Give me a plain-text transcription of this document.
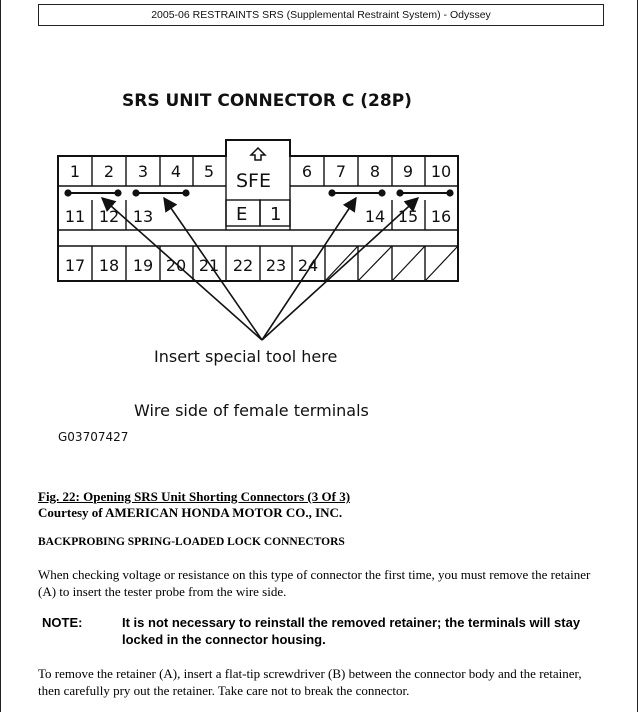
2005-06 RESTRAINTS SRS (Supplemental Restraint System) - Odyssey
SRS UNIT CONNECTOR C (28P)
1 2 3 4 5	6 7 8 9 10
11 12 13	14 15 16
17 18 19 20 21 22 23 24
SFE
E 1
Insert special tool here
Wire side of female terminals
G03707427
Fig. 22: Opening SRS Unit Shorting Connectors (3 Of 3)
Courtesy of AMERICAN HONDA MOTOR CO., INC.
BACKPROBING SPRING-LOADED LOCK CONNECTORS
When checking voltage or resistance on this type of connector the first time, you must remove the retainer (A) to insert the tester probe from the wire side.
NOTE:	It is not necessary to reinstall the removed retainer; the terminals will stay locked in the connector housing.
To remove the retainer (A), insert a flat-tip screwdriver (B) between the connector body and the retainer, then carefully pry out the retainer. Take care not to break the connector.
